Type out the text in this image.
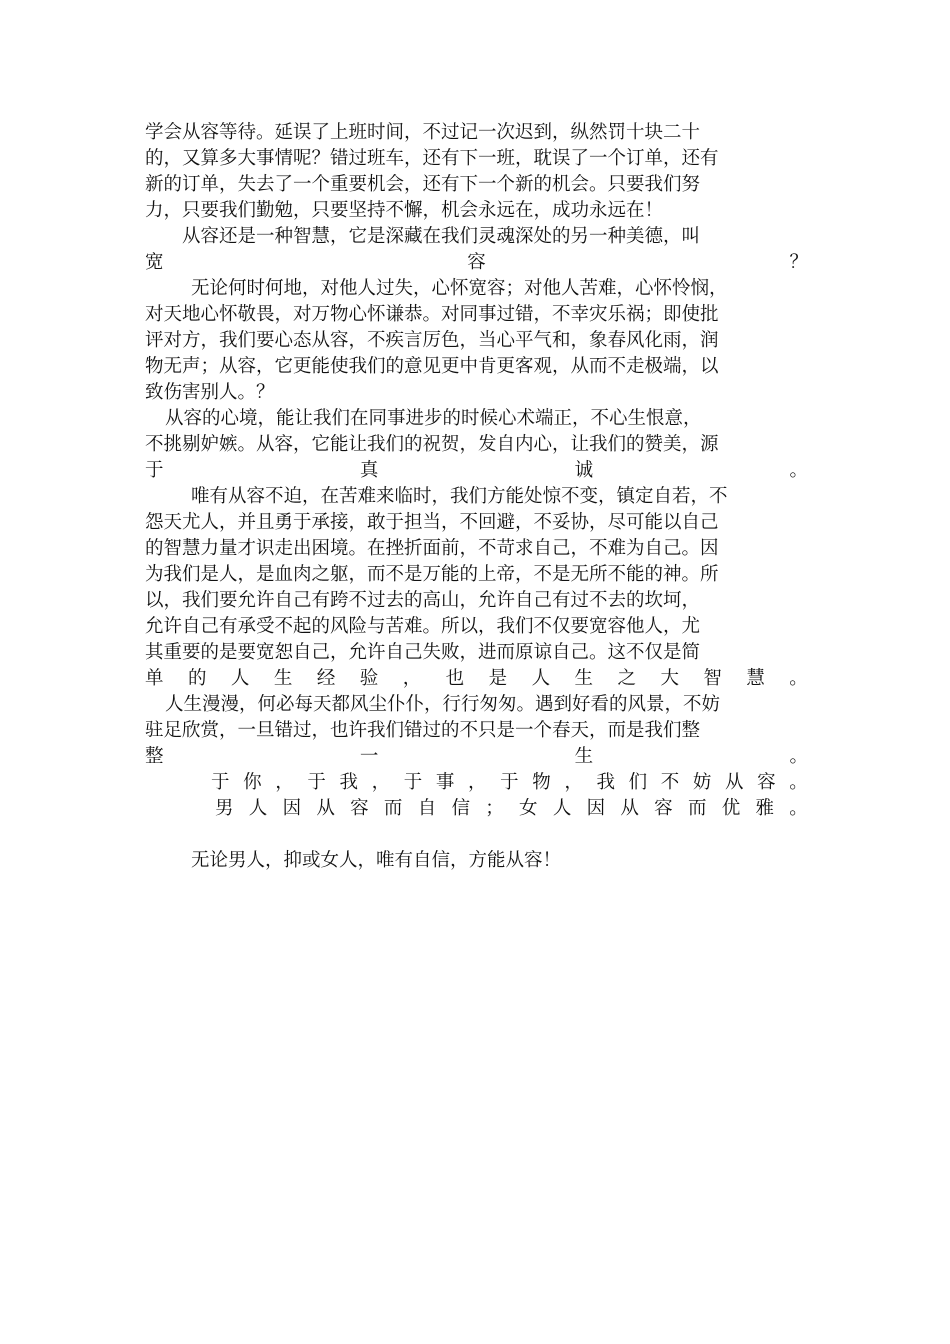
学会从容等待。延误了上班时间，不过记一次迟到，纵然罚十块二十
的，又算多大事情呢？错过班车，还有下一班，耽误了一个订单，还有
新的订单，失去了一个重要机会，还有下一个新的机会。只要我们努
力，只要我们勤勉，只要坚持不懈，机会永远在，成功永远在！
从容还是一种智慧，它是深藏在我们灵魂深处的另一种美德，叫
宽	容	？
无论何时何地，对他人过失，心怀宽容；对他人苦难，心怀怜悯，
对天地心怀敬畏，对万物心怀谦恭。对同事过错，不幸灾乐祸；即使批
评对方，我们要心态从容，不疾言厉色，当心平气和，象春风化雨，润
物无声；从容，它更能使我们的意见更中肯更客观，从而不走极端，以
致伤害别人。？
从容的心境，能让我们在同事进步的时候心术端正，不心生恨意，
不挑剔妒嫉。从容，它能让我们的祝贺，发自内心，让我们的赞美，源
于	真	诚	。
唯有从容不迫，在苦难来临时，我们方能处惊不变，镇定自若，不
怨天尤人，并且勇于承接，敢于担当，不回避，不妥协，尽可能以自己
的智慧力量才识走出困境。在挫折面前，不苛求自己，不难为自己。因
为我们是人，是血肉之躯，而不是万能的上帝，不是无所不能的神。所
以，我们要允许自己有跨不过去的高山，允许自己有过不去的坎坷，
允许自己有承受不起的风险与苦难。所以，我们不仅要宽容他人，尤
其重要的是要宽恕自己，允许自己失败，进而原谅自己。这不仅是简
单 的 人 生 经 验 ， 也 是 人 生 之 大 智 慧 。
人生漫漫，何必每天都风尘仆仆，行行匆匆。遇到好看的风景，不妨
驻足欣赏，一旦错过，也许我们错过的不只是一个春天，而是我们整
整	一	生	。
于 你 ， 于 我 ， 于 事 ， 于 物 ， 我 们 不 妨 从 容 。
男 人 因 从 容 而 自 信 ； 女 人 因 从 容 而 优 雅 。
无论男人，抑或女人，唯有自信，方能从容！
